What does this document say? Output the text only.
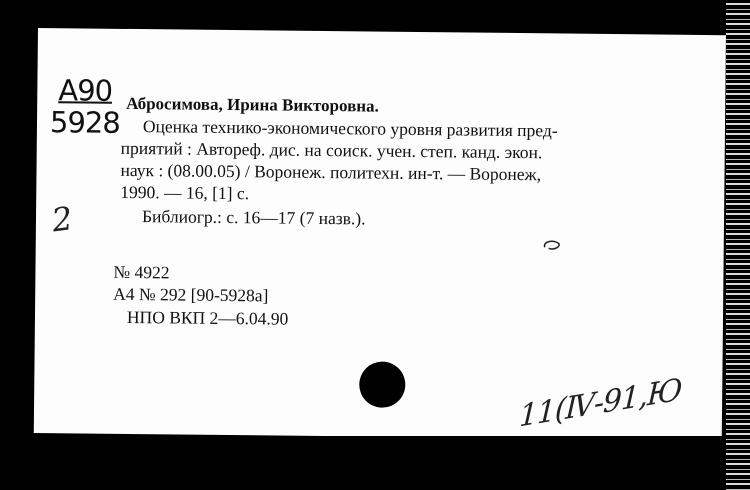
А90
5928
Абросимова, Ирина Викторовна.
Оценка технико-экономического уровня развития пред-
приятий : Автореф. дис. на соиск. учен. степ. канд. экон.
наук : (08.00.05) / Воронеж. политехн. ин-т. — Воронеж,
1990. — 16, [1] с.
Библиогр.: с. 16—17 (7 назв.).
2
№ 4922
А4 № 292 [90-5928а]
НПО ВКП 2—6.04.90
11(Ⅳ-91,Ю
